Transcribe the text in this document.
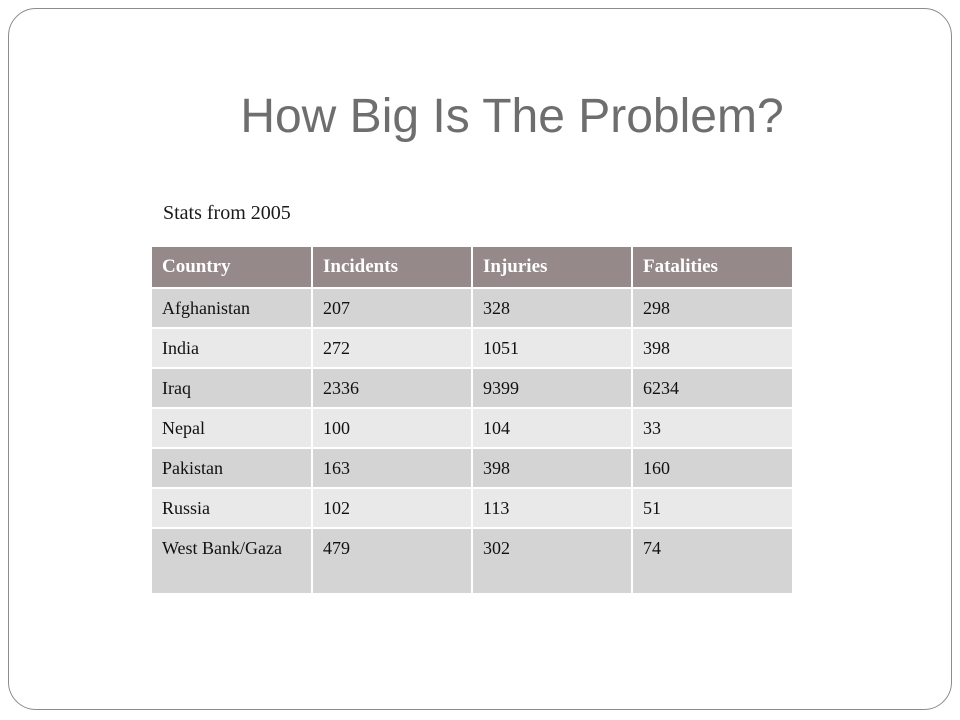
How Big Is The Problem?
Stats from 2005
Country	Incidents	Injuries	Fatalities
Afghanistan	207	328	298
India	272	1051	398
Iraq	2336	9399	6234
Nepal	100	104	33
Pakistan	163	398	160
Russia	102	113	51
West Bank/Gaza	479	302	74
